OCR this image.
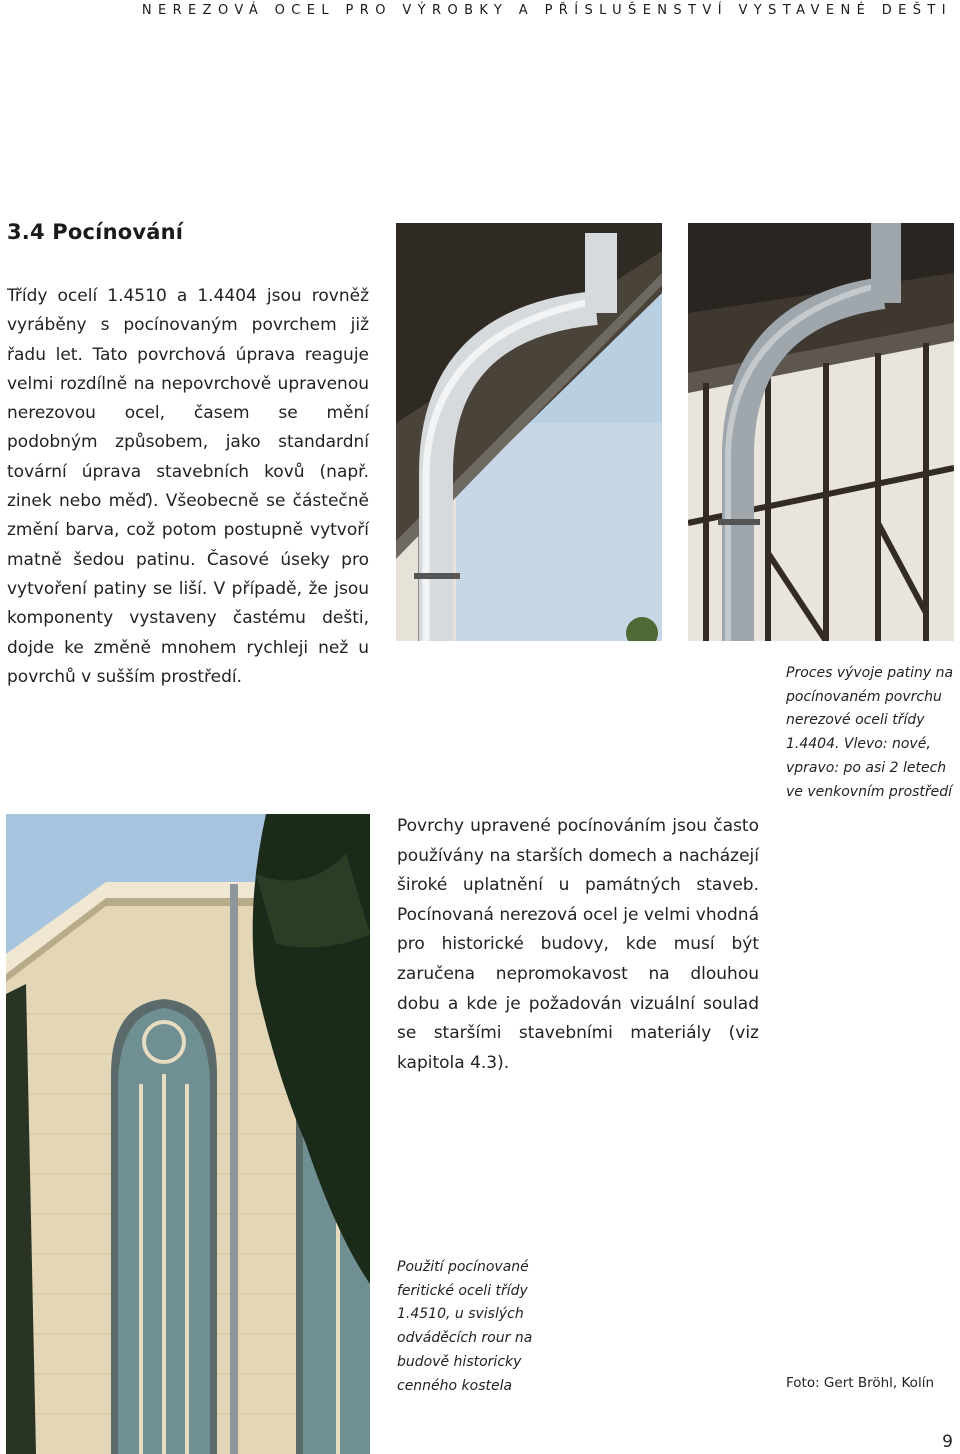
NEREZOVÁ OCEL PRO VÝROBKY A PŘÍSLUŠENSTVÍ VYSTAVENÉ DEŠTI
3.4 Pocínování

Třídy ocelí 1.4510 a 1.4404 jsou rovněž vyráběny s pocínovaným povrchem již řadu let. Tato povrchová úprava reaguje velmi rozdílně na nepovrchově upravenou nerezovou ocel, časem se mění podobným způsobem, jako standardní tovární úprava stavebních kovů (např. zinek nebo měď). Všeobecně se částečně změní barva, což potom postupně vytvoří matně šedou patinu. Časové úseky pro vytvoření patiny se liší. V případě, že jsou komponenty vystaveny častému dešti, dojde ke změně mnohem rychleji než u povrchů v sušším prostředí.	Proces vývoje patiny na pocínovaném povrchu nerezové oceli třídy 1.4404. Vlevo: nové, vpravo: po asi 2 letech ve venkovním prostředí

Povrchy upravené pocínováním jsou často používány na starších domech a nacházejí široké uplatnění u památných staveb. Pocínovaná nerezová ocel je velmi vhodná pro historické budovy, kde musí být zaručena nepromokavost na dlouhou dobu a kde je požadován vizuální soulad se staršími stavebními materiály (viz kapitola 4.3).

Použití pocínované feritické oceli třídy 1.4510, u svislých odváděcích rour na budově historicky cenného kostela	Foto: Gert Bröhl, Kolín
9
